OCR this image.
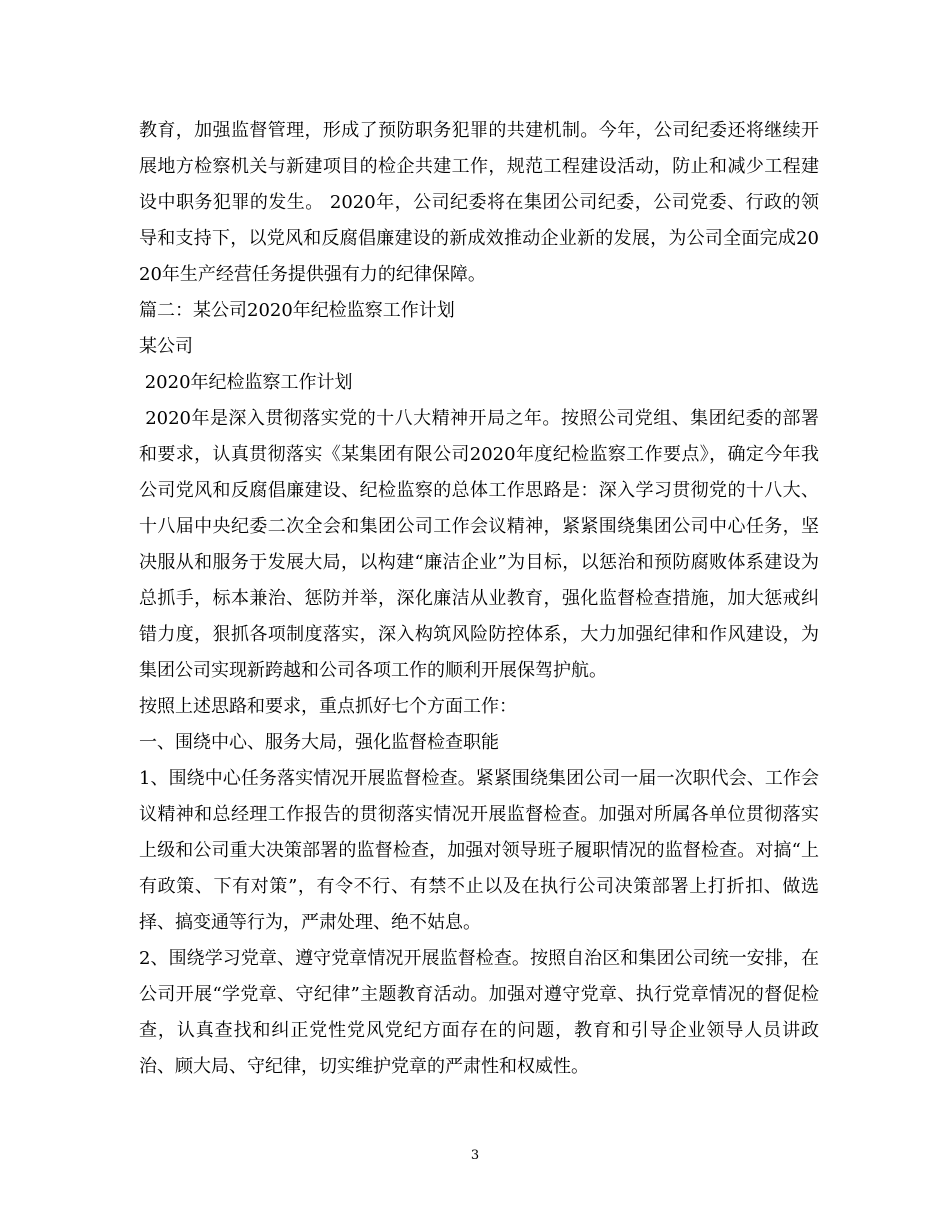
教育，加强监督管理，形成了预防职务犯罪的共建机制。今年，公司纪委还将继续开展地方检察机关与新建项目的检企共建工作，规范工程建设活动，防止和减少工程建设中职务犯罪的发生。 2020年，公司纪委将在集团公司纪委，公司党委、行政的领导和支持下，以党风和反腐倡廉建设的新成效推动企业新的发展，为公司全面完成2020年生产经营任务提供强有力的纪律保障。

篇二：某公司2020年纪检监察工作计划

某公司

2020年纪检监察工作计划

2020年是深入贯彻落实党的十八大精神开局之年。按照公司党组、集团纪委的部署和要求，认真贯彻落实《某集团有限公司2020年度纪检监察工作要点》，确定今年我公司党风和反腐倡廉建设、纪检监察的总体工作思路是：深入学习贯彻党的十八大、十八届中央纪委二次全会和集团公司工作会议精神，紧紧围绕集团公司中心任务，坚决服从和服务于发展大局，以构建“廉洁企业”为目标，以惩治和预防腐败体系建设为总抓手，标本兼治、惩防并举，深化廉洁从业教育，强化监督检查措施，加大惩戒纠错力度，狠抓各项制度落实，深入构筑风险防控体系，大力加强纪律和作风建设，为集团公司实现新跨越和公司各项工作的顺利开展保驾护航。

按照上述思路和要求，重点抓好七个方面工作：

一、围绕中心、服务大局，强化监督检查职能

1、围绕中心任务落实情况开展监督检查。紧紧围绕集团公司一届一次职代会、工作会议精神和总经理工作报告的贯彻落实情况开展监督检查。加强对所属各单位贯彻落实上级和公司重大决策部署的监督检查，加强对领导班子履职情况的监督检查。对搞“上有政策、下有对策”，有令不行、有禁不止以及在执行公司决策部署上打折扣、做选择、搞变通等行为，严肃处理、绝不姑息。

2、围绕学习党章、遵守党章情况开展监督检查。按照自治区和集团公司统一安排，在公司开展“学党章、守纪律”主题教育活动。加强对遵守党章、执行党章情况的督促检查，认真查找和纠正党性党风党纪方面存在的问题，教育和引导企业领导人员讲政治、顾大局、守纪律，切实维护党章的严肃性和权威性。

3
